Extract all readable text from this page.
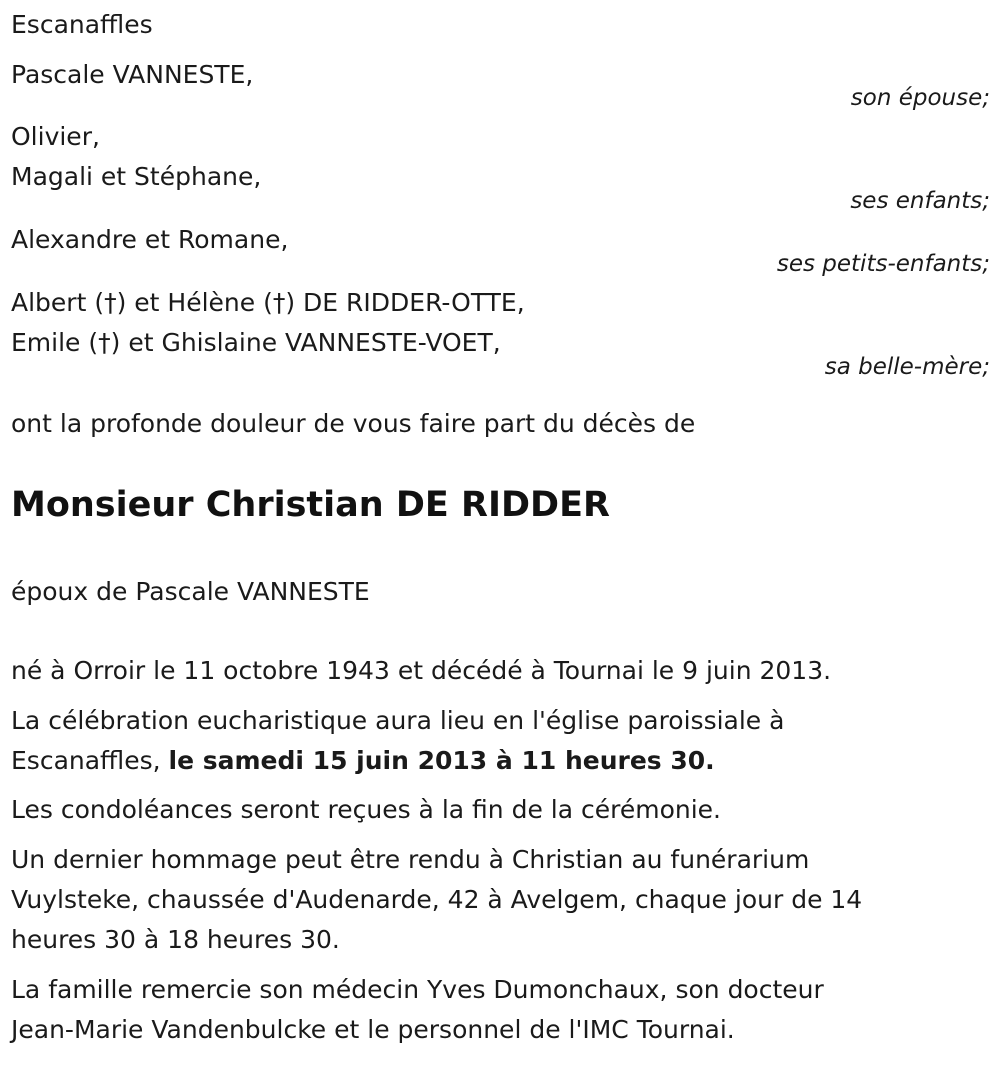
Escanaffles
Pascale VANNESTE,
son épouse;
Olivier,
Magali et Stéphane,
ses enfants;
Alexandre et Romane,
ses petits-enfants;
Albert (†) et Hélène (†) DE RIDDER-OTTE,
Emile (†) et Ghislaine VANNESTE-VOET,
sa belle-mère;
ont la profonde douleur de vous faire part du décès de
Monsieur Christian DE RIDDER
époux de Pascale VANNESTE
né à Orroir le 11 octobre 1943 et décédé à Tournai le 9 juin 2013.
La célébration eucharistique aura lieu en l'église paroissiale à
Escanaffles, le samedi 15 juin 2013 à 11 heures 30.
Les condoléances seront reçues à la fin de la cérémonie.
Un dernier hommage peut être rendu à Christian au funérarium
Vuylsteke, chaussée d'Audenarde, 42 à Avelgem, chaque jour de 14
heures 30 à 18 heures 30.
La famille remercie son médecin Yves Dumonchaux, son docteur
Jean-Marie Vandenbulcke et le personnel de l'IMC Tournai.
